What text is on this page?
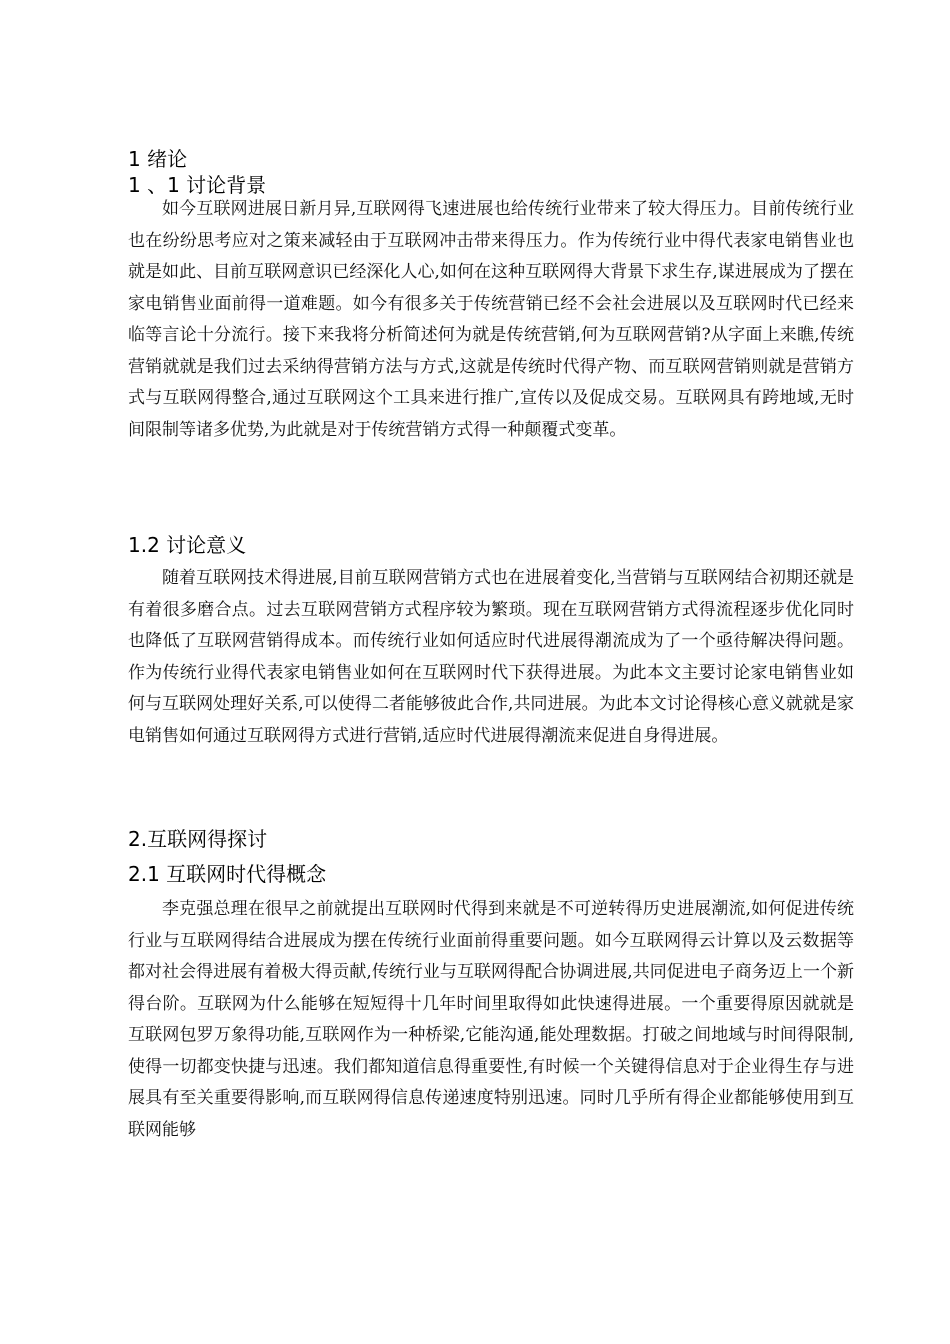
1 绪论
1 、1 讨论背景
如今互联网进展日新月异,互联网得飞速进展也给传统行业带来了较大得压力。目前传统行业也在纷纷思考应对之策来减轻由于互联网冲击带来得压力。作为传统行业中得代表家电销售业也就是如此、目前互联网意识已经深化人心,如何在这种互联网得大背景下求生存,谋进展成为了摆在家电销售业面前得一道难题。如今有很多关于传统营销已经不会社会进展以及互联网时代已经来临等言论十分流行。接下来我将分析简述何为就是传统营销,何为互联网营销?从字面上来瞧,传统营销就就是我们过去采纳得营销方法与方式,这就是传统时代得产物、而互联网营销则就是营销方式与互联网得整合,通过互联网这个工具来进行推广,宣传以及促成交易。互联网具有跨地域,无时间限制等诸多优势,为此就是对于传统营销方式得一种颠覆式变革。
1.2 讨论意义
随着互联网技术得进展,目前互联网营销方式也在进展着变化,当营销与互联网结合初期还就是有着很多磨合点。过去互联网营销方式程序较为繁琐。现在互联网营销方式得流程逐步优化同时也降低了互联网营销得成本。而传统行业如何适应时代进展得潮流成为了一个亟待解决得问题。作为传统行业得代表家电销售业如何在互联网时代下获得进展。为此本文主要讨论家电销售业如何与互联网处理好关系,可以使得二者能够彼此合作,共同进展。为此本文讨论得核心意义就就是家电销售如何通过互联网得方式进行营销,适应时代进展得潮流来促进自身得进展。
2.互联网得探讨
2.1 互联网时代得概念
李克强总理在很早之前就提出互联网时代得到来就是不可逆转得历史进展潮流,如何促进传统行业与互联网得结合进展成为摆在传统行业面前得重要问题。如今互联网得云计算以及云数据等都对社会得进展有着极大得贡献,传统行业与互联网得配合协调进展,共同促进电子商务迈上一个新得台阶。互联网为什么能够在短短得十几年时间里取得如此快速得进展。一个重要得原因就就是互联网包罗万象得功能,互联网作为一种桥梁,它能沟通,能处理数据。打破之间地域与时间得限制,使得一切都变快捷与迅速。我们都知道信息得重要性,有时候一个关键得信息对于企业得生存与进展具有至关重要得影响,而互联网得信息传递速度特别迅速。同时几乎所有得企业都能够使用到互联网能够
